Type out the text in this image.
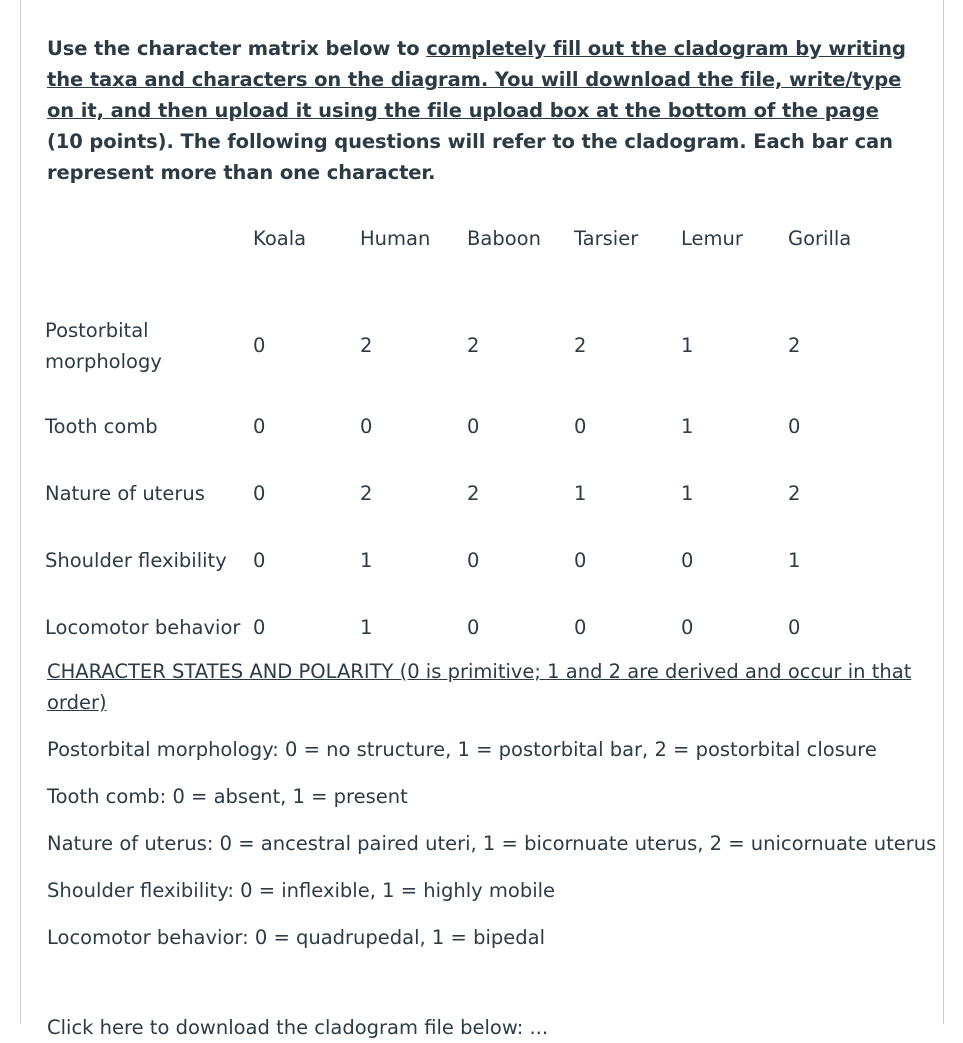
Use the character matrix below to completely fill out the cladogram by writing the taxa and characters on the diagram. You will download the file, write/type on it, and then upload it using the file upload box at the bottom of the page (10 points). The following questions will refer to the cladogram. Each bar can represent more than one character.
	Koala	Human	Baboon	Tarsier	Lemur	Gorilla
Postorbital
morphology	0	2	2	2	1	2
Tooth comb	0	0	0	0	1	0
Nature of uterus	0	2	2	1	1	2
Shoulder flexibility	0	1	0	0	0	1
Locomotor behavior	0	1	0	0	0	0
CHARACTER STATES AND POLARITY (0 is primitive; 1 and 2 are derived and occur in that order)
Postorbital morphology: 0 = no structure, 1 = postorbital bar, 2 = postorbital closure
Tooth comb: 0 = absent, 1 = present
Nature of uterus: 0 = ancestral paired uteri, 1 = bicornuate uterus, 2 = unicornuate uterus
Shoulder flexibility: 0 = inflexible, 1 = highly mobile
Locomotor behavior: 0 = quadrupedal, 1 = bipedal
Click here to download the cladogram file below: ...
